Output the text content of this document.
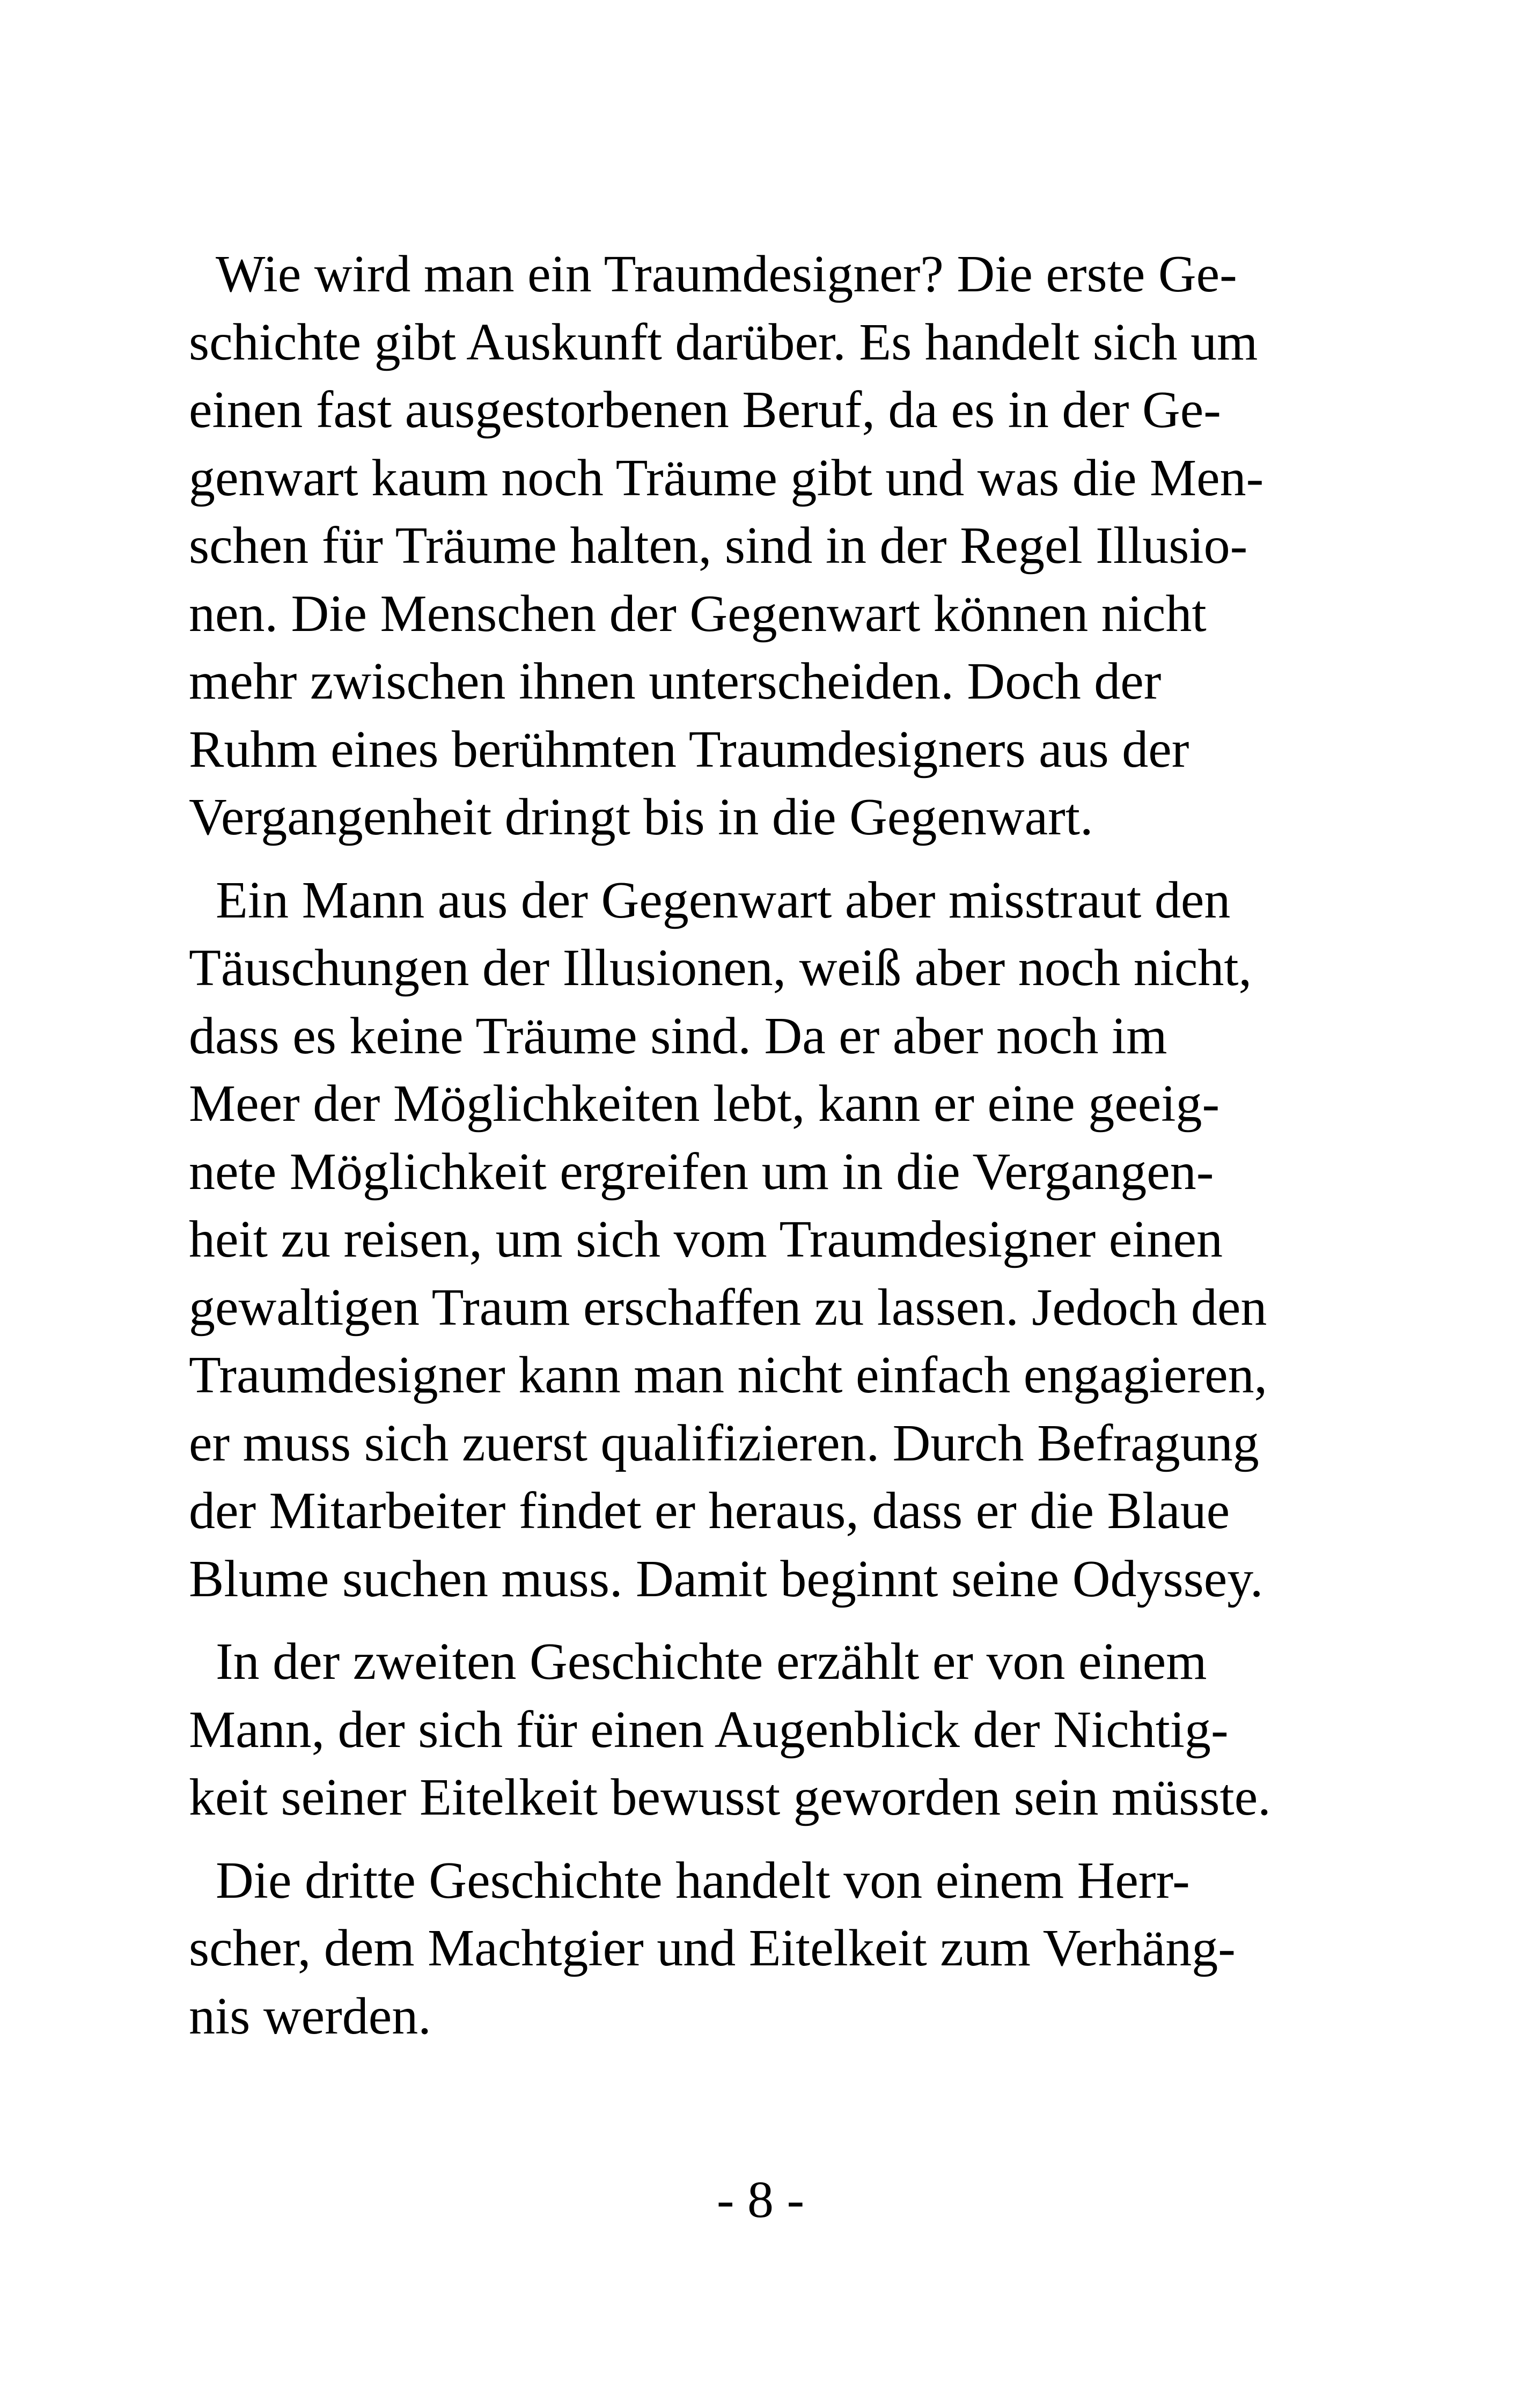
Wie wird man ein Traumdesigner? Die erste Ge-
schichte gibt Auskunft darüber. Es handelt sich um
einen fast ausgestorbenen Beruf, da es in der Ge-
genwart kaum noch Träume gibt und was die Men-
schen für Träume halten, sind in der Regel Illusio-
nen. Die Menschen der Gegenwart können nicht
mehr zwischen ihnen unterscheiden. Doch der
Ruhm eines berühmten Traumdesigners aus der
Vergangenheit dringt bis in die Gegenwart.

Ein Mann aus der Gegenwart aber misstraut den
Täuschungen der Illusionen, weiß aber noch nicht,
dass es keine Träume sind. Da er aber noch im
Meer der Möglichkeiten lebt, kann er eine geeig-
nete Möglichkeit ergreifen um in die Vergangen-
heit zu reisen, um sich vom Traumdesigner einen
gewaltigen Traum erschaffen zu lassen. Jedoch den
Traumdesigner kann man nicht einfach engagieren,
er muss sich zuerst qualifizieren. Durch Befragung
der Mitarbeiter findet er heraus, dass er die Blaue
Blume suchen muss. Damit beginnt seine Odyssey.

In der zweiten Geschichte erzählt er von einem
Mann, der sich für einen Augenblick der Nichtig-
keit seiner Eitelkeit bewusst geworden sein müsste.

Die dritte Geschichte handelt von einem Herr-
scher, dem Machtgier und Eitelkeit zum Verhäng-
nis werden.

- 8 -
